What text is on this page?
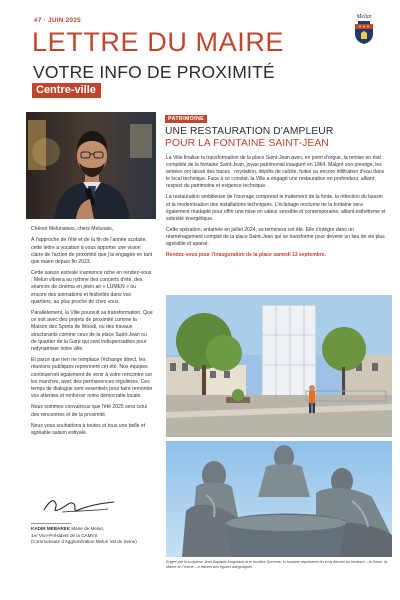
#7 · JUIN 2025	Melun
LETTRE DU MAIRE
VOTRE INFO DE PROXIMITÉ
Centre-ville

Chères Melunaises, chers Melunais,

À l'approche de l'été et de la fin de l'année scolaire, cette lettre a vocation à vous apporter une vision claire de l'action de proximité que j'ai engagée en tant que maire depuis fin 2023.

Cette saison estivale s'annonce riche en rendez-vous : Melun vibrera au rythme des concerts d'été, des séances de cinéma en plein air « LUMEN » ou encore des animations et festivités dans vos quartiers, au plus proche de chez vous.

Parallèlement, la Ville poursuit sa transformation. Que ce soit avec des projets de proximité comme la Maison des Sports de Woodi, ou des travaux structurants comme ceux de la place Saint-Jean ou de quartier de la Gare qui sont indispensables pour redynamiser notre ville.

Et parce que rien ne remplace l'échange direct, les réunions publiques reprennent cet été. Nos équipes continueront également de venir à votre rencontre sur les marchés, avec des permanences régulières. Ces temps de dialogue sont essentiels pour faire remonter vos attentes et renforcer notre démocratie locale.

Nous sommes convaincus que l'été 2025 sera celui des rencontres et de la proximité.

Nous vous souhaitons à toutes et tous une belle et agréable saison estivale.

KADIR MEBAREK Maire de Melun,
1er Vice-Président de la CAMVS
(Communauté d'Agglomération Melun Val de Seine)
PATRIMOINE
UNE RESTAURATION D'AMPLEUR
POUR LA FONTAINE SAINT-JEAN

La Ville finalise la transformation de la place Saint-Jean avec, en point d'orgue, la remise en état complète de la fontaine Saint-Jean, joyau patrimonial inauguré en 1864. Malgré son prestige, les années ont laissé des traces : oxydation, dépôts de calcite, fuites ou encore infiltration d'eau dans le local technique. Face à ce constat, la Ville a engagé une restauration en profondeur, alliant respect du patrimoine et exigence technique.

La restauration ambitieuse de l'ouvrage comprend le traitement de la fonte, la réfection du bassin et la modernisation des installations techniques. L'éclairage nocturne de la fontaine sera également réadapté pour offrir une mise en valeur sensible et contemporaine, alliant esthétisme et sobriété énergétique.

Cette opération, entamée en juillet 2024, se terminera cet été. Elle s'intègre dans un réaménagement complet de la place Saint-Jean qui se transforme pour devenir un lieu de vie plus agréable et apaisé.

Rendez-vous pour l'inauguration de la place samedi 13 septembre.

Érigée par le sculpteur Jean-Baptiste Klagmann et le fondeur Durenne, la fontaine représente les trois fleuves du territoire – la Seine, la Marne et l'Yonne – à travers des figures allégoriques.
